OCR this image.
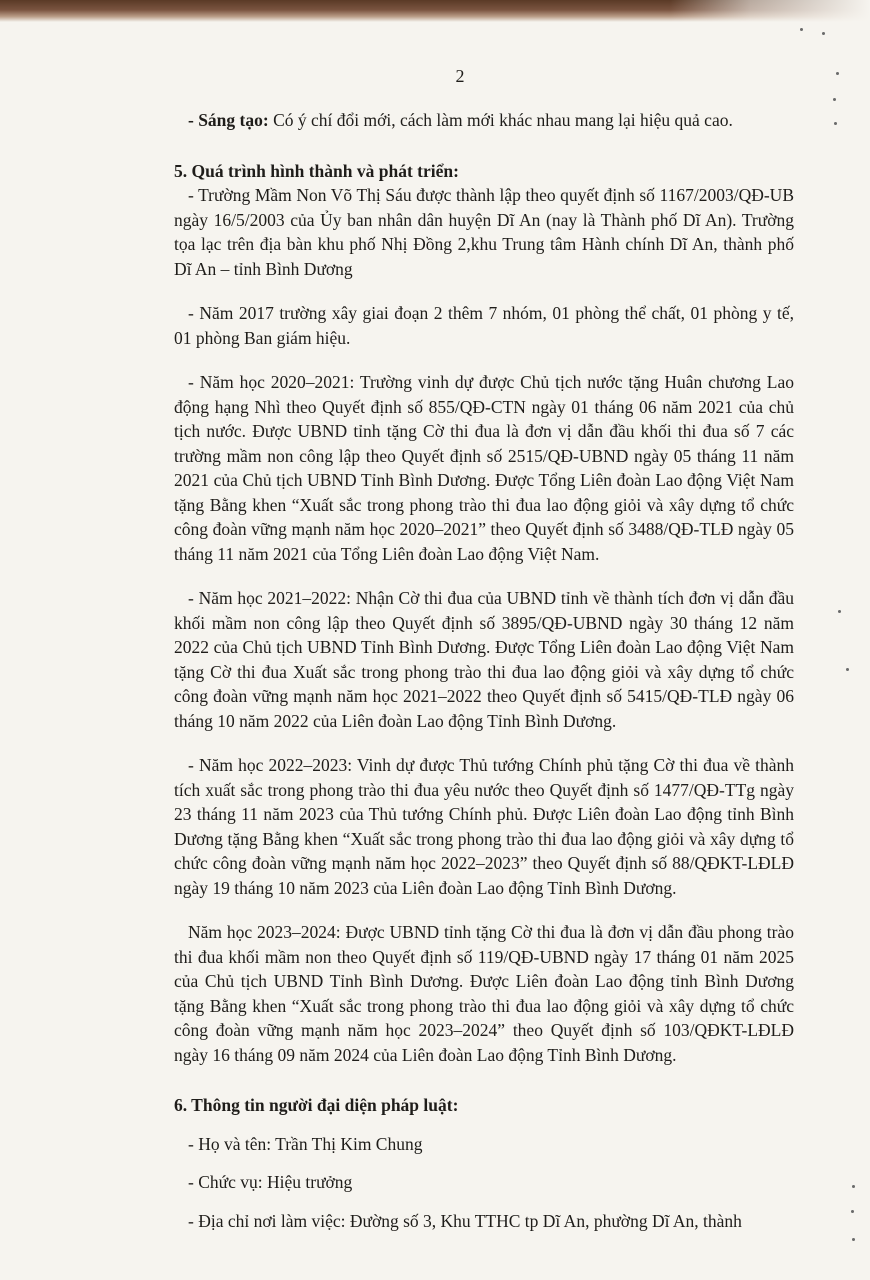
2

- Sáng tạo: Có ý chí đổi mới, cách làm mới khác nhau mang lại hiệu quả cao.

5. Quá trình hình thành và phát triển:

- Trường Mầm Non Võ Thị Sáu được thành lập theo quyết định số 1167/2003/QĐ-UB ngày 16/5/2003 của Ủy ban nhân dân huyện Dĩ An (nay là Thành phố Dĩ An). Trường tọa lạc trên địa bàn khu phố Nhị Đồng 2,khu Trung tâm Hành chính Dĩ An, thành phố Dĩ An – tỉnh Bình Dương

- Năm 2017 trường xây giai đoạn 2 thêm 7 nhóm, 01 phòng thể chất, 01 phòng y tế, 01 phòng Ban giám hiệu.

- Năm học 2020–2021: Trường vinh dự được Chủ tịch nước tặng Huân chương Lao động hạng Nhì theo Quyết định số 855/QĐ-CTN ngày 01 tháng 06 năm 2021 của chủ tịch nước. Được UBND tỉnh tặng Cờ thi đua là đơn vị dẫn đầu khối thi đua số 7 các trường mầm non công lập theo Quyết định số 2515/QĐ-UBND ngày 05 tháng 11 năm 2021 của Chủ tịch UBND Tỉnh Bình Dương. Được Tổng Liên đoàn Lao động Việt Nam tặng Bằng khen “Xuất sắc trong phong trào thi đua lao động giỏi và xây dựng tổ chức công đoàn vững mạnh năm học 2020–2021” theo Quyết định số 3488/QĐ-TLĐ ngày 05 tháng 11 năm 2021 của Tổng Liên đoàn Lao động Việt Nam.

- Năm học 2021–2022: Nhận Cờ thi đua của UBND tỉnh về thành tích đơn vị dẫn đầu khối mầm non công lập theo Quyết định số 3895/QĐ-UBND ngày 30 tháng 12 năm 2022 của Chủ tịch UBND Tỉnh Bình Dương. Được Tổng Liên đoàn Lao động Việt Nam tặng Cờ thi đua Xuất sắc trong phong trào thi đua lao động giỏi và xây dựng tổ chức công đoàn vững mạnh năm học 2021–2022 theo Quyết định số 5415/QĐ-TLĐ ngày 06 tháng 10 năm 2022 của Liên đoàn Lao động Tỉnh Bình Dương.

- Năm học 2022–2023: Vinh dự được Thủ tướng Chính phủ tặng Cờ thi đua về thành tích xuất sắc trong phong trào thi đua yêu nước theo Quyết định số 1477/QĐ-TTg ngày 23 tháng 11 năm 2023 của Thủ tướng Chính phủ. Được Liên đoàn Lao động tỉnh Bình Dương tặng Bằng khen “Xuất sắc trong phong trào thi đua lao động giỏi và xây dựng tổ chức công đoàn vững mạnh năm học 2022–2023” theo Quyết định số 88/QĐKT-LĐLĐ ngày 19 tháng 10 năm 2023 của Liên đoàn Lao động Tỉnh Bình Dương.

Năm học 2023–2024: Được UBND tỉnh tặng Cờ thi đua là đơn vị dẫn đầu phong trào thi đua khối mầm non theo Quyết định số 119/QĐ-UBND ngày 17 tháng 01 năm 2025 của Chủ tịch UBND Tỉnh Bình Dương. Được Liên đoàn Lao động tỉnh Bình Dương tặng Bằng khen “Xuất sắc trong phong trào thi đua lao động giỏi và xây dựng tổ chức công đoàn vững mạnh năm học 2023–2024” theo Quyết định số 103/QĐKT-LĐLĐ ngày 16 tháng 09 năm 2024 của Liên đoàn Lao động Tỉnh Bình Dương.

6. Thông tin người đại diện pháp luật:

- Họ và tên: Trần Thị Kim Chung

- Chức vụ: Hiệu trưởng

- Địa chỉ nơi làm việc: Đường số 3, Khu TTHC tp Dĩ An, phường Dĩ An, thành
